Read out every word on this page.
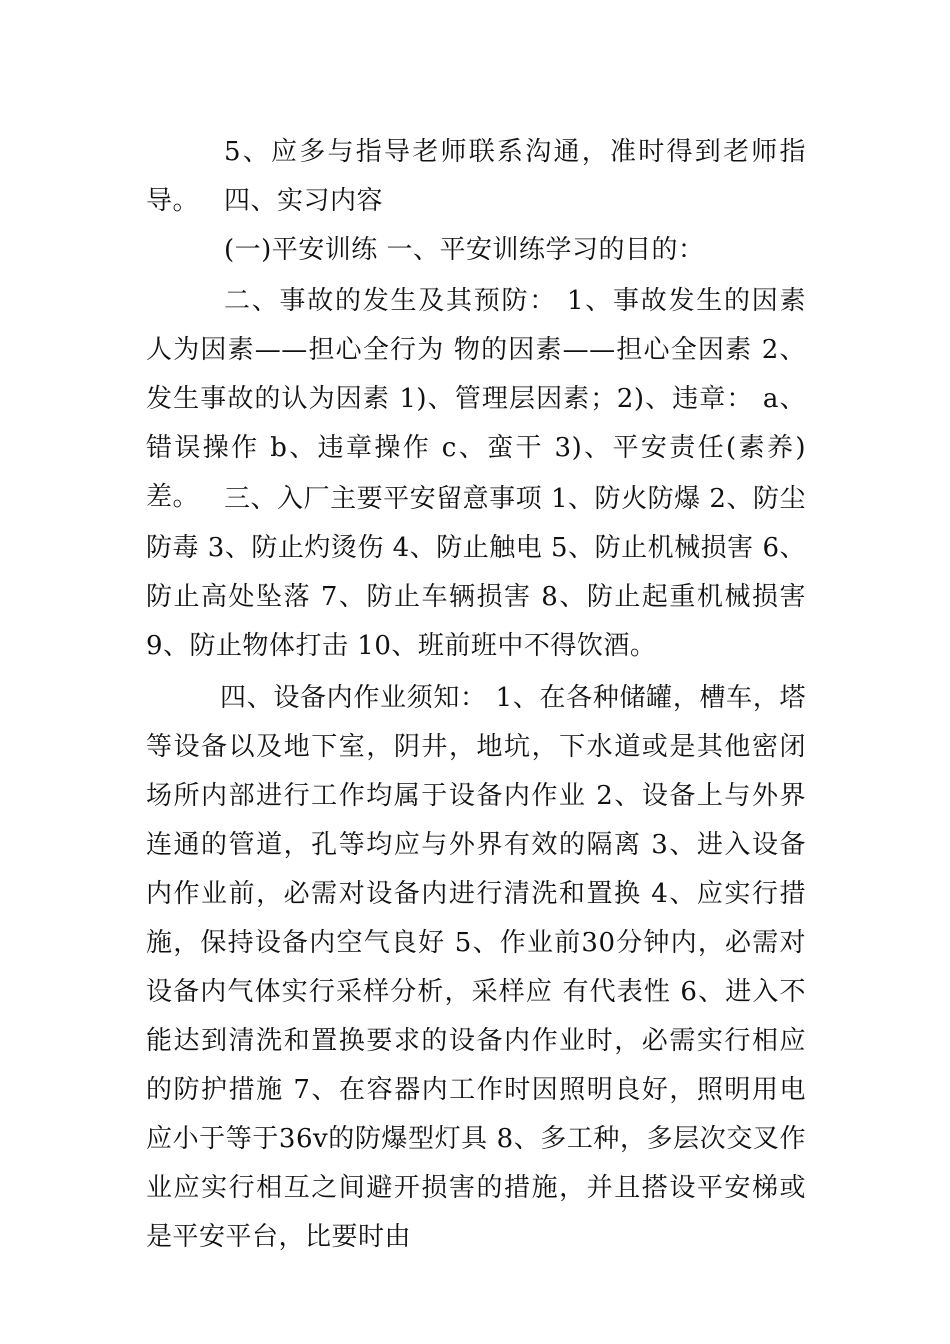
5、应多与指导老师联系沟通，准时得到老师指导。 四、实习内容

(一)平安训练 一、平安训练学习的目的：

二、事故的发生及其预防： 1、事故发生的因素 人为因素——担心全行为 物的因素——担心全因素 2、发生事故的认为因素 1)、管理层因素；2)、违章： a、错误操作 b、违章操作 c、蛮干 3)、平安责任(素养)差。 三、入厂主要平安留意事项 1、防火防爆 2、防尘防毒 3、防止灼烫伤 4、防止触电 5、防止机械损害 6、防止高处坠落 7、防止车辆损害 8、防止起重机械损害 9、防止物体打击 10、班前班中不得饮酒。

四、设备内作业须知： 1、在各种储罐，槽车，塔等设备以及地下室，阴井，地坑，下水道或是其他密闭场所内部进行工作均属于设备内作业 2、设备上与外界连通的管道，孔等均应与外界有效的隔离 3、进入设备内作业前，必需对设备内进行清洗和置换 4、应实行措施，保持设备内空气良好 5、作业前30分钟内，必需对设备内气体实行采样分析，采样应 有代表性 6、进入不能达到清洗和置换要求的设备内作业时，必需实行相应的防护措施 7、在容器内工作时因照明良好，照明用电应小于等于36v的防爆型灯具 8、多工种，多层次交叉作业应实行相互之间避开损害的措施，并且搭设平安梯或是平安平台，比要时由
